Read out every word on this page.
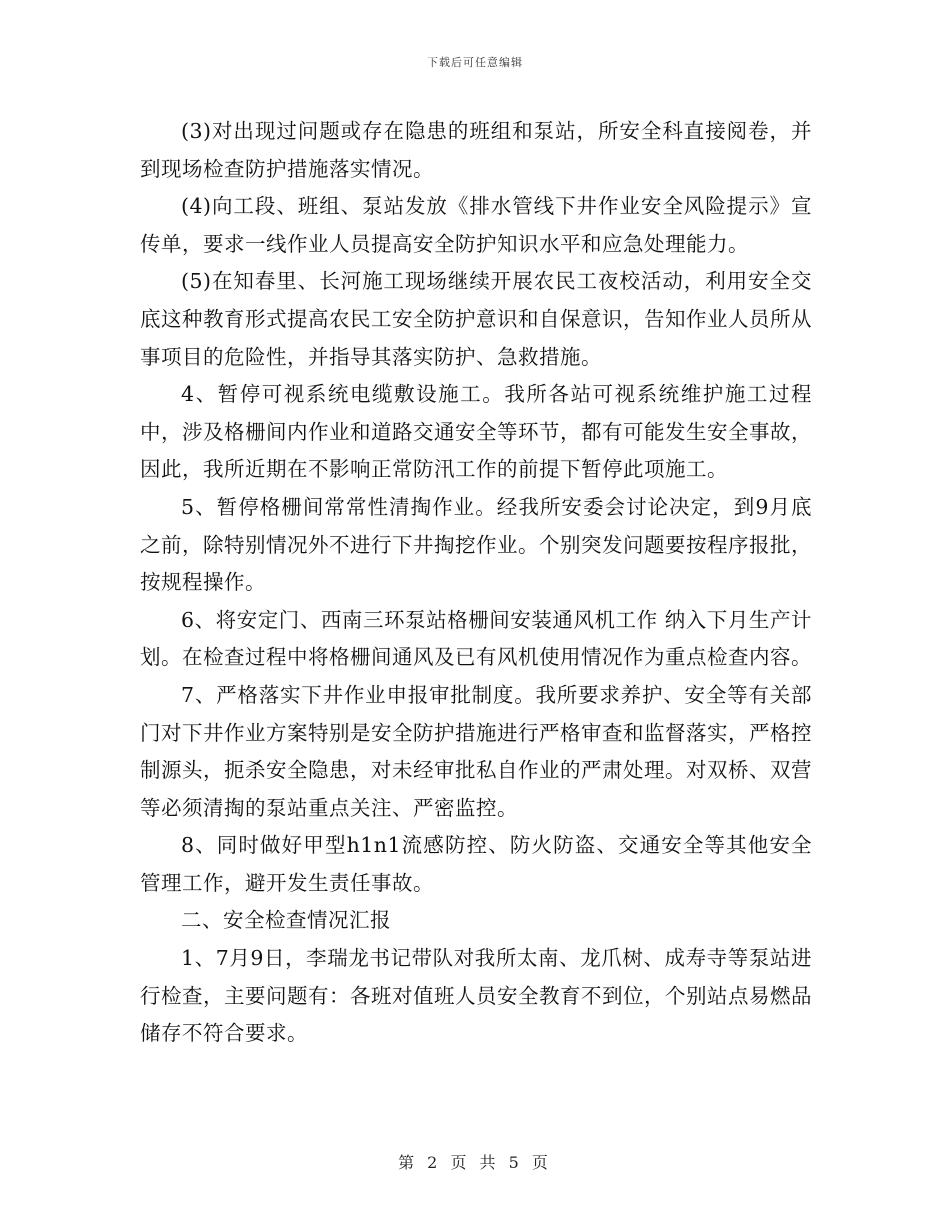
下载后可任意编辑

(3)对出现过问题或存在隐患的班组和泵站，所安全科直接阅卷，并到现场检查防护措施落实情况。

(4)向工段、班组、泵站发放《排水管线下井作业安全风险提示》宣传单，要求一线作业人员提高安全防护知识水平和应急处理能力。

(5)在知春里、长河施工现场继续开展农民工夜校活动，利用安全交底这种教育形式提高农民工安全防护意识和自保意识，告知作业人员所从事项目的危险性，并指导其落实防护、急救措施。

4、暂停可视系统电缆敷设施工。我所各站可视系统维护施工过程中，涉及格栅间内作业和道路交通安全等环节，都有可能发生安全事故，因此，我所近期在不影响正常防汛工作的前提下暂停此项施工。

5、暂停格栅间常常性清掏作业。经我所安委会讨论决定，到9月底之前，除特别情况外不进行下井掏挖作业。个别突发问题要按程序报批，按规程操作。

6、将安定门、西南三环泵站格栅间安装通风机工作 纳入下月生产计划。在检查过程中将格栅间通风及已有风机使用情况作为重点检查内容。

7、严格落实下井作业申报审批制度。我所要求养护、安全等有关部门对下井作业方案特别是安全防护措施进行严格审查和监督落实，严格控制源头，扼杀安全隐患，对未经审批私自作业的严肃处理。对双桥、双营等必须清掏的泵站重点关注、严密监控。

8、同时做好甲型h1n1流感防控、防火防盗、交通安全等其他安全管理工作，避开发生责任事故。

二、安全检查情况汇报

1、7月9日，李瑞龙书记带队对我所太南、龙爪树、成寿寺等泵站进行检查，主要问题有：各班对值班人员安全教育不到位，个别站点易燃品储存不符合要求。

第 2 页 共 5 页
